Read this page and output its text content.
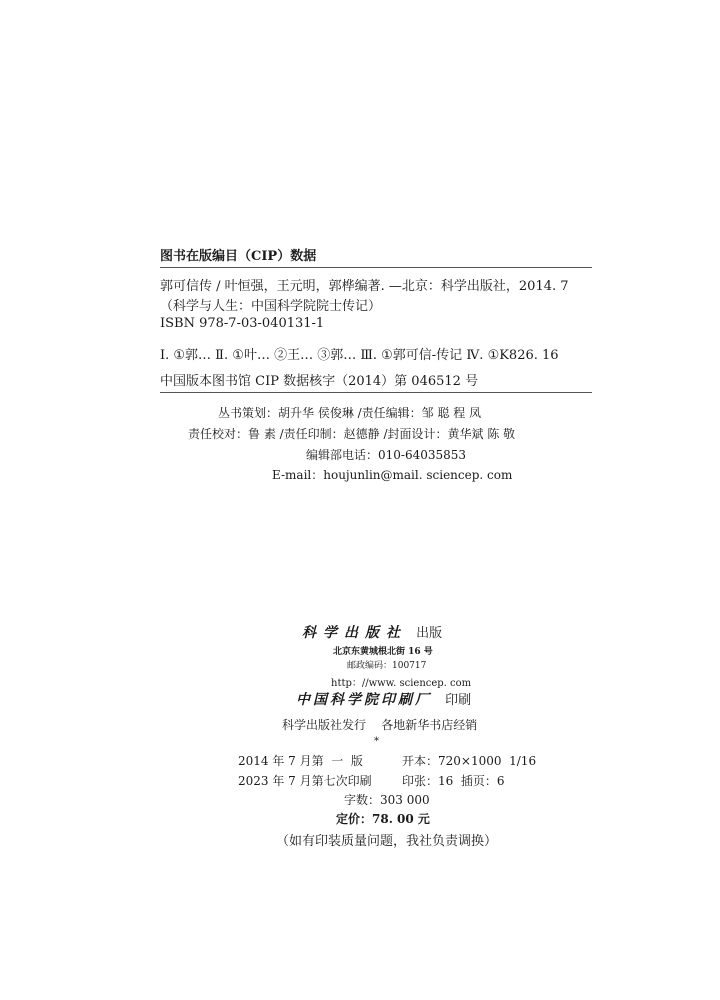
图书在版编目（CIP）数据
郭可信传 / 叶恒强，王元明，郭桦编著. —北京：科学出版社，2014. 7
（科学与人生：中国科学院院士传记）
ISBN 978-7-03-040131-1
Ⅰ. ①郭… Ⅱ. ①叶… ②王… ③郭… Ⅲ. ①郭可信-传记 Ⅳ. ①K826. 16
中国版本图书馆 CIP 数据核字（2014）第 046512 号
丛书策划：胡升华 侯俊琳 /责任编辑：邹 聪 程 凤
责任校对：鲁 素 /责任印制：赵德静 /封面设计：黄华斌 陈 敬
编辑部电话：010-64035853
E-mail：houjunlin@mail. sciencep. com
科学出版社 出版
北京东黄城根北街 16 号
邮政编码：100717
http：//www. sciencep. com
中国科学院印刷厂 印刷
科学出版社发行    各地新华书店经销
*
2014 年 7 月第  一  版	开本：720×1000  1/16
2023 年 7 月第七次印刷	印张：16  插页：6
字数：303 000
定价：78. 00 元
（如有印装质量问题，我社负责调换）
